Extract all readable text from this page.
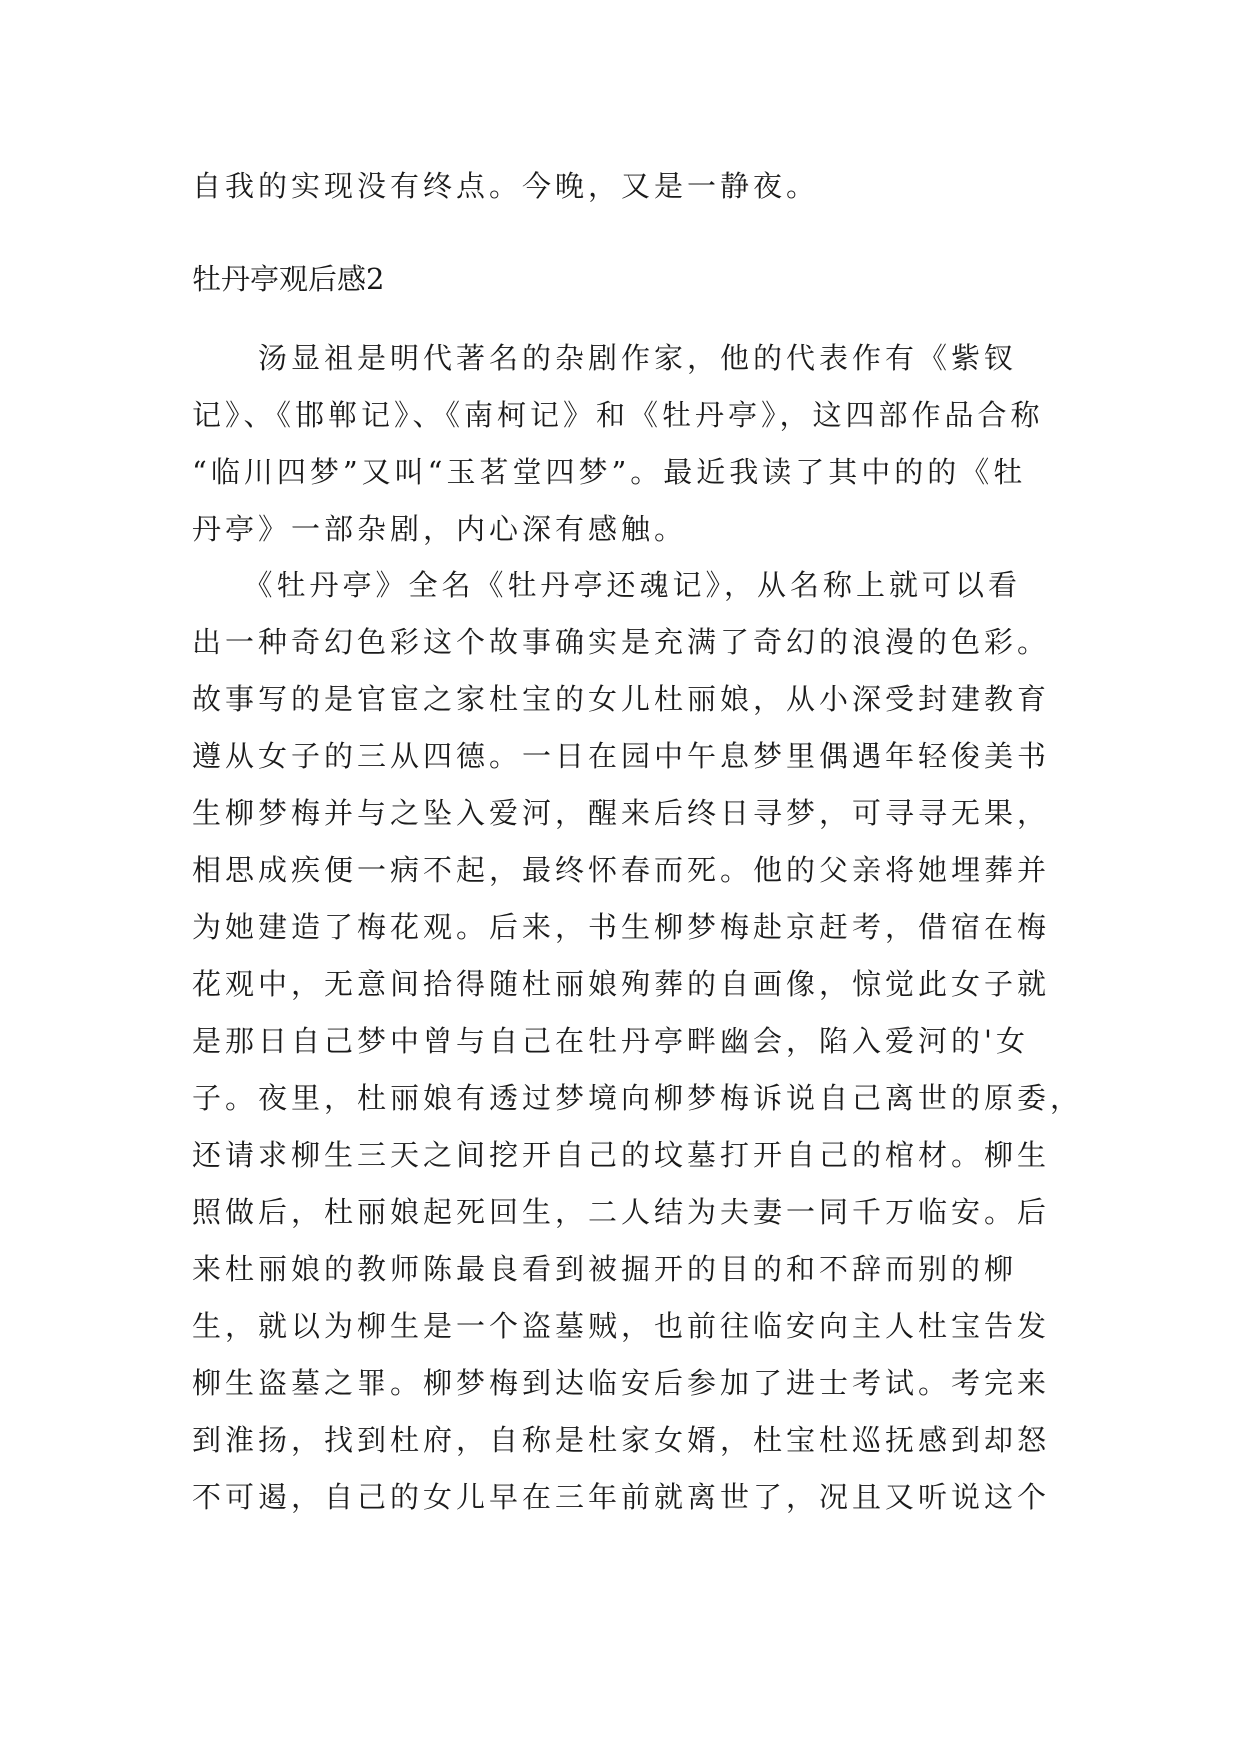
自我的实现没有终点。今晚，又是一静夜。

牡丹亭观后感2

　　汤显祖是明代著名的杂剧作家，他的代表作有《紫钗
记》、《邯郸记》、《南柯记》和《牡丹亭》，这四部作品合称
“临川四梦”又叫“玉茗堂四梦”。最近我读了其中的的《牡
丹亭》一部杂剧，内心深有感触。
　　《牡丹亭》全名《牡丹亭还魂记》，从名称上就可以看
出一种奇幻色彩这个故事确实是充满了奇幻的浪漫的色彩。
故事写的是官宦之家杜宝的女儿杜丽娘，从小深受封建教育
遵从女子的三从四德。一日在园中午息梦里偶遇年轻俊美书
生柳梦梅并与之坠入爱河，醒来后终日寻梦，可寻寻无果，
相思成疾便一病不起，最终怀春而死。他的父亲将她埋葬并
为她建造了梅花观。后来，书生柳梦梅赴京赶考，借宿在梅
花观中，无意间拾得随杜丽娘殉葬的自画像，惊觉此女子就
是那日自己梦中曾与自己在牡丹亭畔幽会，陷入爱河的'女
子。夜里，杜丽娘有透过梦境向柳梦梅诉说自己离世的原委，
还请求柳生三天之间挖开自己的坟墓打开自己的棺材。柳生
照做后，杜丽娘起死回生，二人结为夫妻一同千万临安。后
来杜丽娘的教师陈最良看到被掘开的目的和不辞而别的柳
生，就以为柳生是一个盗墓贼，也前往临安向主人杜宝告发
柳生盗墓之罪。柳梦梅到达临安后参加了进士考试。考完来
到淮扬，找到杜府，自称是杜家女婿，杜宝杜巡抚感到却怒
不可遏，自己的女儿早在三年前就离世了，况且又听说这个
